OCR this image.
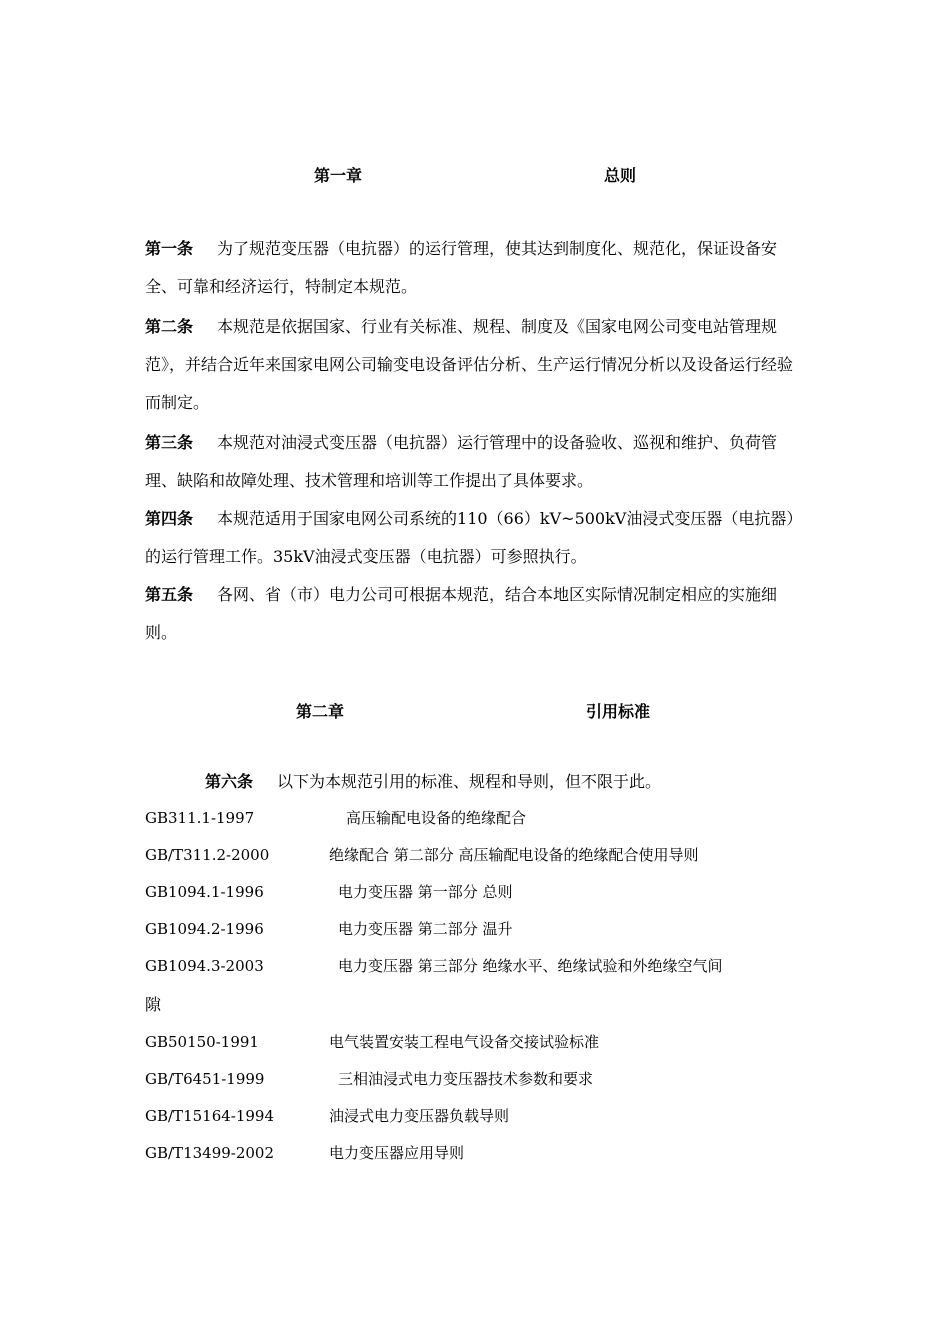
第一章	总则
第一条 为了规范变压器（电抗器）的运行管理，使其达到制度化、规范化，保证设备安全、可靠和经济运行，特制定本规范。
第二条 本规范是依据国家、行业有关标准、规程、制度及《国家电网公司变电站管理规范》，并结合近年来国家电网公司输变电设备评估分析、生产运行情况分析以及设备运行经验而制定。
第三条 本规范对油浸式变压器（电抗器）运行管理中的设备验收、巡视和维护、负荷管理、缺陷和故障处理、技术管理和培训等工作提出了具体要求。
第四条 本规范适用于国家电网公司系统的110（66）kV~500kV油浸式变压器（电抗器）的运行管理工作。35kV油浸式变压器（电抗器）可参照执行。
第五条 各网、省（市）电力公司可根据本规范，结合本地区实际情况制定相应的实施细则。
第二章	引用标准
第六条 以下为本规范引用的标准、规程和导则，但不限于此。
GB311.1-1997	高压输配电设备的绝缘配合
GB/T311.2-2000	绝缘配合 第二部分 高压输配电设备的绝缘配合使用导则
GB1094.1-1996	电力变压器 第一部分 总则
GB1094.2-1996	电力变压器 第二部分 温升
GB1094.3-2003	电力变压器 第三部分 绝缘水平、绝缘试验和外绝缘空气间
隙
GB50150-1991	电气装置安装工程电气设备交接试验标准
GB/T6451-1999	三相油浸式电力变压器技术参数和要求
GB/T15164-1994	油浸式电力变压器负载导则
GB/T13499-2002	电力变压器应用导则
